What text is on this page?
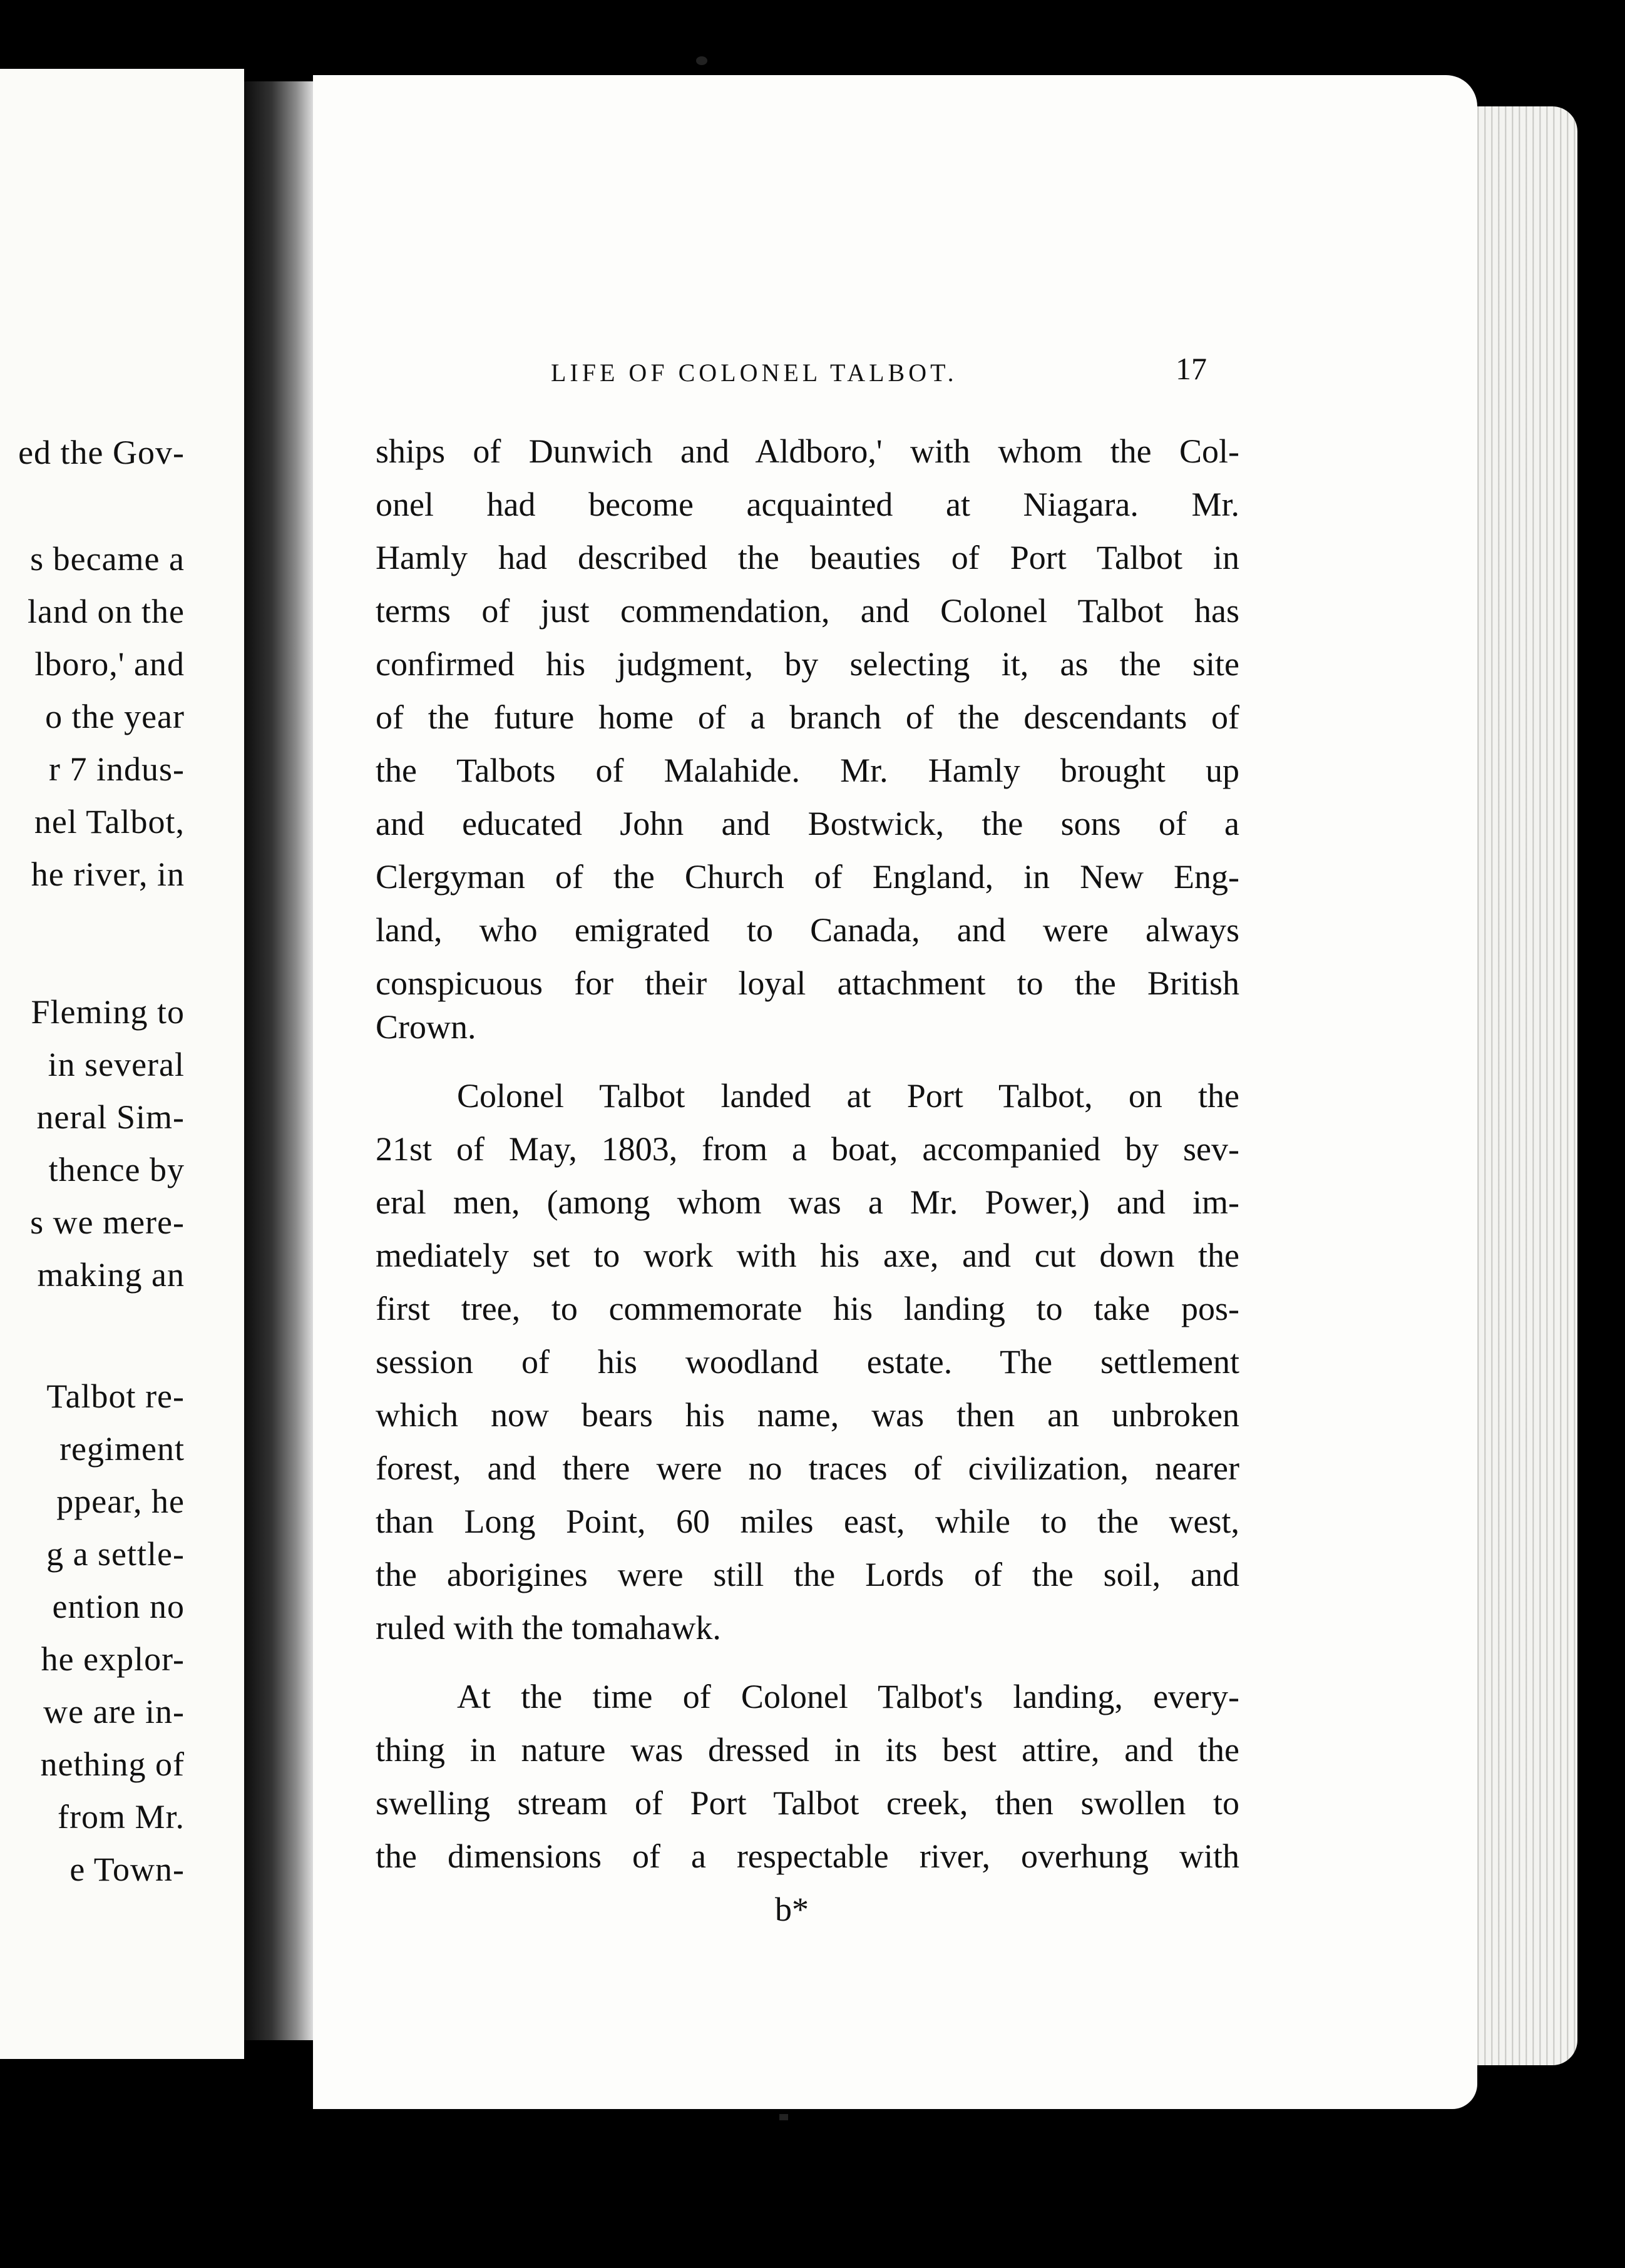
ed the Gov-
s became a
land on the
lboro,' and
o the year
r 7 indus-
nel Talbot,
he river, in
Fleming to
in several
neral Sim-
thence by
s we mere-
making an
Talbot re-
regiment
ppear, he
g a settle-
ention no
he explor-
we are in-
nething of
from Mr.
e Town-
LIFE OF COLONEL TALBOT.	17
ships of Dunwich and Aldboro,' with whom the Col-
onel had become acquainted at Niagara. Mr.
Hamly had described the beauties of Port Talbot in
terms of just commendation, and Colonel Talbot has
confirmed his judgment, by selecting it, as the site
of the future home of a branch of the descendants of
the Talbots of Malahide. Mr. Hamly brought up
and educated John and Bostwick, the sons of a
Clergyman of the Church of England, in New Eng-
land, who emigrated to Canada, and were always
conspicuous for their loyal attachment to the British
Crown.
Colonel Talbot landed at Port Talbot, on the
21st of May, 1803, from a boat, accompanied by sev-
eral men, (among whom was a Mr. Power,) and im-
mediately set to work with his axe, and cut down the
first tree, to commemorate his landing to take pos-
session of his woodland estate. The settlement
which now bears his name, was then an unbroken
forest, and there were no traces of civilization, nearer
than Long Point, 60 miles east, while to the west,
the aborigines were still the Lords of the soil, and
ruled with the tomahawk.
At the time of Colonel Talbot's landing, every-
thing in nature was dressed in its best attire, and the
swelling stream of Port Talbot creek, then swollen to
the dimensions of a respectable river, overhung with
b*
